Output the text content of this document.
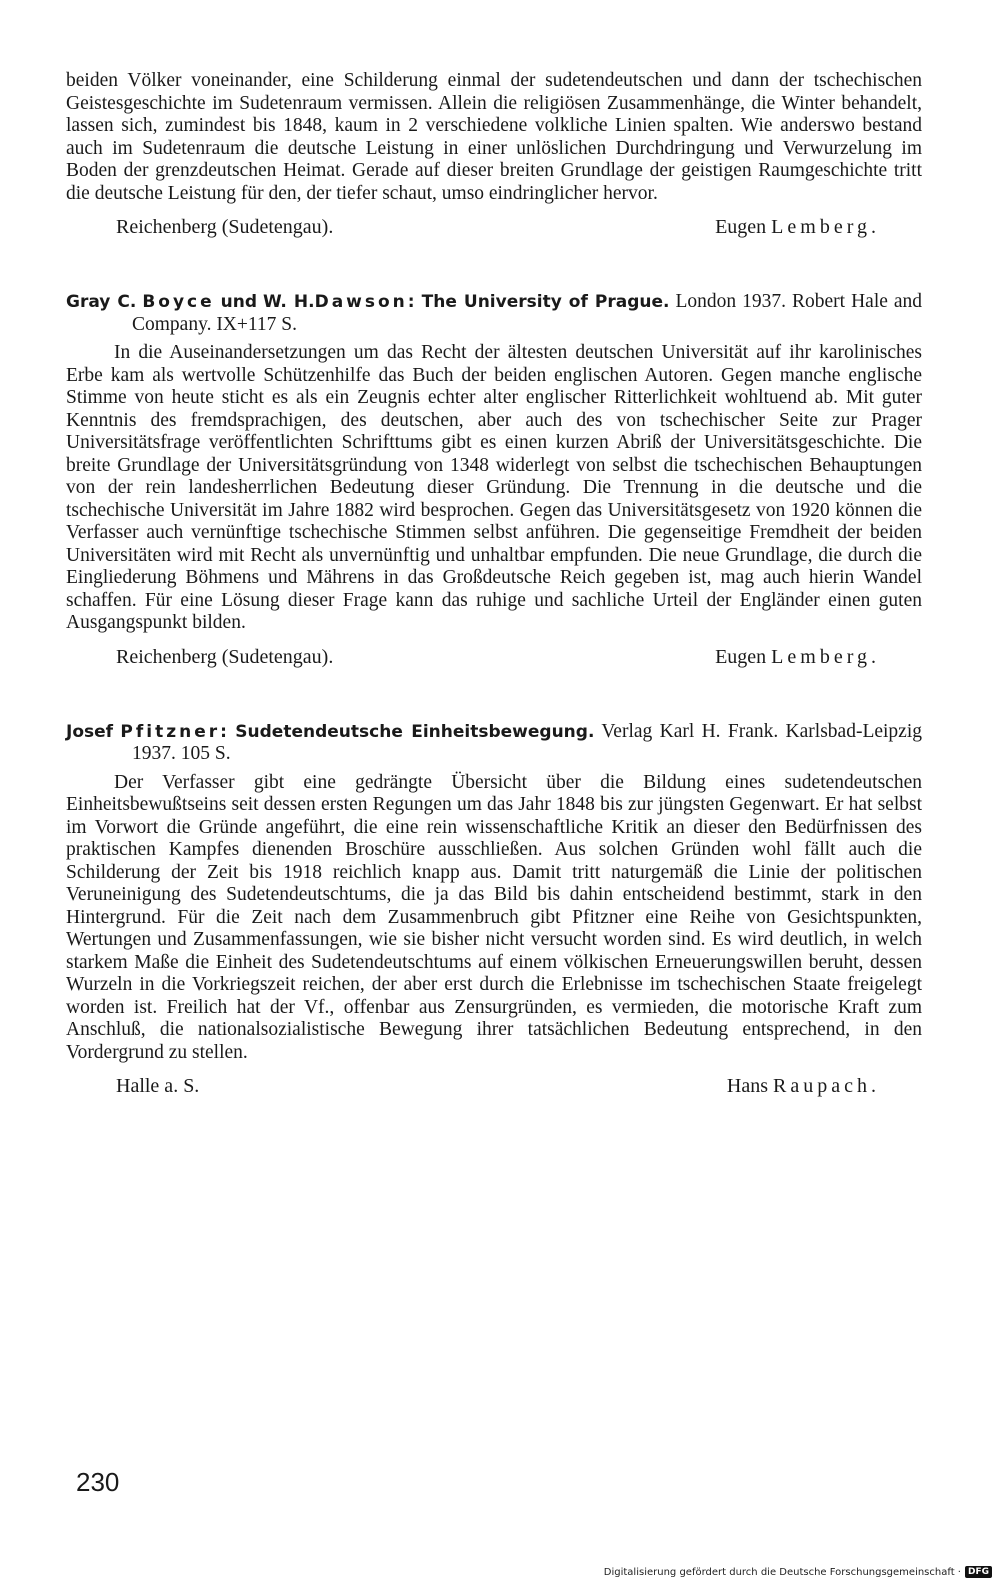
beiden Völker voneinander, eine Schilderung einmal der sudetendeutschen und dann der tschechischen Geistesgeschichte im Sudetenraum vermissen. Allein die religiösen Zusammenhänge, die Winter behandelt, lassen sich, zumindest bis 1848, kaum in 2 verschiedene volkliche Linien spalten. Wie anderswo bestand auch im Sudetenraum die deutsche Leistung in einer unlöslichen Durchdringung und Verwurzelung im Boden der grenzdeutschen Heimat. Gerade auf dieser breiten Grundlage der geistigen Raumgeschichte tritt die deutsche Leistung für den, der tiefer schaut, umso eindringlicher hervor.

Reichenberg (Sudetengau).	Eugen Lemberg.

Gray C. Boyce und W. H.Dawson: The University of Prague. London 1937. Robert Hale and Company. IX+117 S.

In die Auseinandersetzungen um das Recht der ältesten deutschen Universität auf ihr karolinisches Erbe kam als wertvolle Schützenhilfe das Buch der beiden englischen Autoren. Gegen manche englische Stimme von heute sticht es als ein Zeugnis echter alter englischer Ritterlichkeit wohltuend ab. Mit guter Kenntnis des fremdsprachigen, des deutschen, aber auch des von tschechischer Seite zur Prager Universitätsfrage veröffentlichten Schrifttums gibt es einen kurzen Abriß der Universitätsgeschichte. Die breite Grundlage der Universitätsgründung von 1348 widerlegt von selbst die tschechischen Behauptungen von der rein landesherrlichen Bedeutung dieser Gründung. Die Trennung in die deutsche und die tschechische Universität im Jahre 1882 wird besprochen. Gegen das Universitätsgesetz von 1920 können die Verfasser auch vernünftige tschechische Stimmen selbst anführen. Die gegenseitige Fremdheit der beiden Universitäten wird mit Recht als unvernünftig und unhaltbar empfunden. Die neue Grundlage, die durch die Eingliederung Böhmens und Mährens in das Großdeutsche Reich gegeben ist, mag auch hierin Wandel schaffen. Für eine Lösung dieser Frage kann das ruhige und sachliche Urteil der Engländer einen guten Ausgangspunkt bilden.

Reichenberg (Sudetengau).	Eugen Lemberg.

Josef Pfitzner: Sudetendeutsche Einheitsbewegung. Verlag Karl H. Frank. Karlsbad-Leipzig 1937. 105 S.

Der Verfasser gibt eine gedrängte Übersicht über die Bildung eines sudetendeutschen Einheitsbewußtseins seit dessen ersten Regungen um das Jahr 1848 bis zur jüngsten Gegenwart. Er hat selbst im Vorwort die Gründe angeführt, die eine rein wissenschaftliche Kritik an dieser den Bedürfnissen des praktischen Kampfes dienenden Broschüre ausschließen. Aus solchen Gründen wohl fällt auch die Schilderung der Zeit bis 1918 reichlich knapp aus. Damit tritt naturgemäß die Linie der politischen Veruneinigung des Sudetendeutschtums, die ja das Bild bis dahin entscheidend bestimmt, stark in den Hintergrund. Für die Zeit nach dem Zusammenbruch gibt Pfitzner eine Reihe von Gesichtspunkten, Wertungen und Zusammenfassungen, wie sie bisher nicht versucht worden sind. Es wird deutlich, in welch starkem Maße die Einheit des Sudetendeutschtums auf einem völkischen Erneuerungswillen beruht, dessen Wurzeln in die Vorkriegszeit reichen, der aber erst durch die Erlebnisse im tschechischen Staate freigelegt worden ist. Freilich hat der Vf., offenbar aus Zensurgründen, es vermieden, die motorische Kraft zum Anschluß, die nationalsozialistische Bewegung ihrer tatsächlichen Bedeutung entsprechend, in den Vordergrund zu stellen.

Halle a. S.	Hans Raupach.
230
Digitalisierung gefördert durch die Deutsche Forschungsgemeinschaft · DFG
